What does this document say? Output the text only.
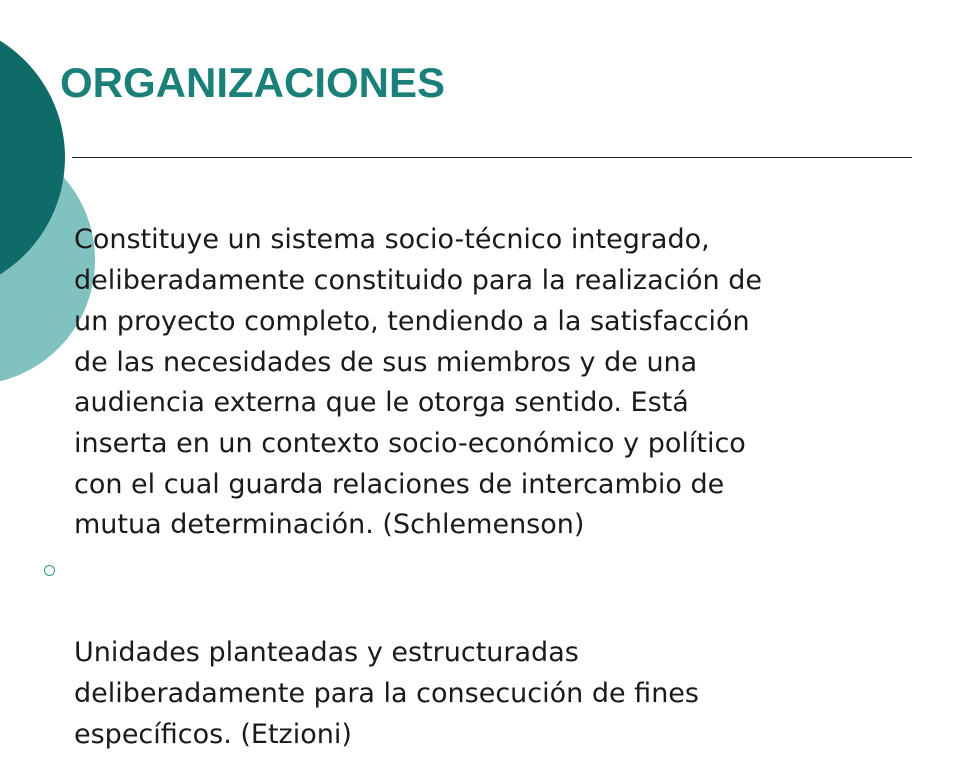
ORGANIZACIONES

Constituye un sistema socio-técnico integrado,
deliberadamente constituido para la realización de
un proyecto completo, tendiendo a la satisfacción
de las necesidades de sus miembros y de una
audiencia externa que le otorga sentido. Está
inserta en un contexto socio-económico y político
con el cual guarda relaciones de intercambio de
mutua determinación. (Schlemenson)

Unidades planteadas y estructuradas
deliberadamente para la consecución de fines
específicos. (Etzioni)
